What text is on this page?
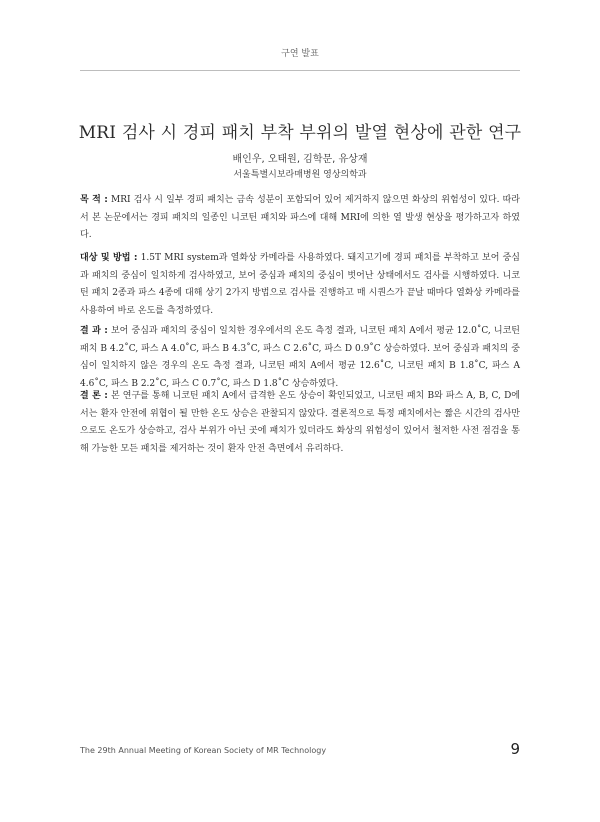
구연 발표
MRI 검사 시 경피 패치 부착 부위의 발열 현상에 관한 연구
배인우, 오태원, 김학문, 유상재
서울특별시보라매병원 영상의학과
목 적 : MRI 검사 시 일부 경피 패치는 금속 성분이 포함되어 있어 제거하지 않으면 화상의 위험성이 있다. 따라서 본 논문에서는 경피 패치의 일종인 니코틴 패치와 파스에 대해 MRI에 의한 열 발생 현상을 평가하고자 하였다.
대상 및 방법 : 1.5T MRI system과 열화상 카메라를 사용하였다. 돼지고기에 경피 패치를 부착하고 보어 중심과 패치의 중심이 일치하게 검사하였고, 보어 중심과 패치의 중심이 벗어난 상태에서도 검사를 시행하였다. 니코틴 패치 2종과 파스 4종에 대해 상기 2가지 방법으로 검사를 진행하고 매 시퀀스가 끝날 때마다 열화상 카메라를 사용하여 바로 온도를 측정하였다.
결 과 : 보어 중심과 패치의 중심이 일치한 경우에서의 온도 측정 결과, 니코틴 패치 A에서 평균 12.0˚C, 니코틴 패치 B 4.2˚C, 파스 A 4.0˚C, 파스 B 4.3˚C, 파스 C 2.6˚C, 파스 D 0.9˚C 상승하였다. 보어 중심과 패치의 중심이 일치하지 않은 경우의 온도 측정 결과, 니코틴 패치 A에서 평균 12.6˚C, 니코틴 패치 B 1.8˚C, 파스 A 4.6˚C, 파스 B 2.2˚C, 파스 C 0.7˚C, 파스 D 1.8˚C 상승하였다.
결 론 : 본 연구를 통해 니코틴 패치 A에서 급격한 온도 상승이 확인되었고, 니코틴 패치 B와 파스 A, B, C, D에서는 환자 안전에 위협이 될 만한 온도 상승은 관찰되지 않았다. 결론적으로 특정 패치에서는 짧은 시간의 검사만으로도 온도가 상승하고, 검사 부위가 아닌 곳에 패치가 있더라도 화상의 위험성이 있어서 철저한 사전 점검을 통해 가능한 모든 패치를 제거하는 것이 환자 안전 측면에서 유리하다.
The 29th Annual Meeting of Korean Society of MR Technology	9
